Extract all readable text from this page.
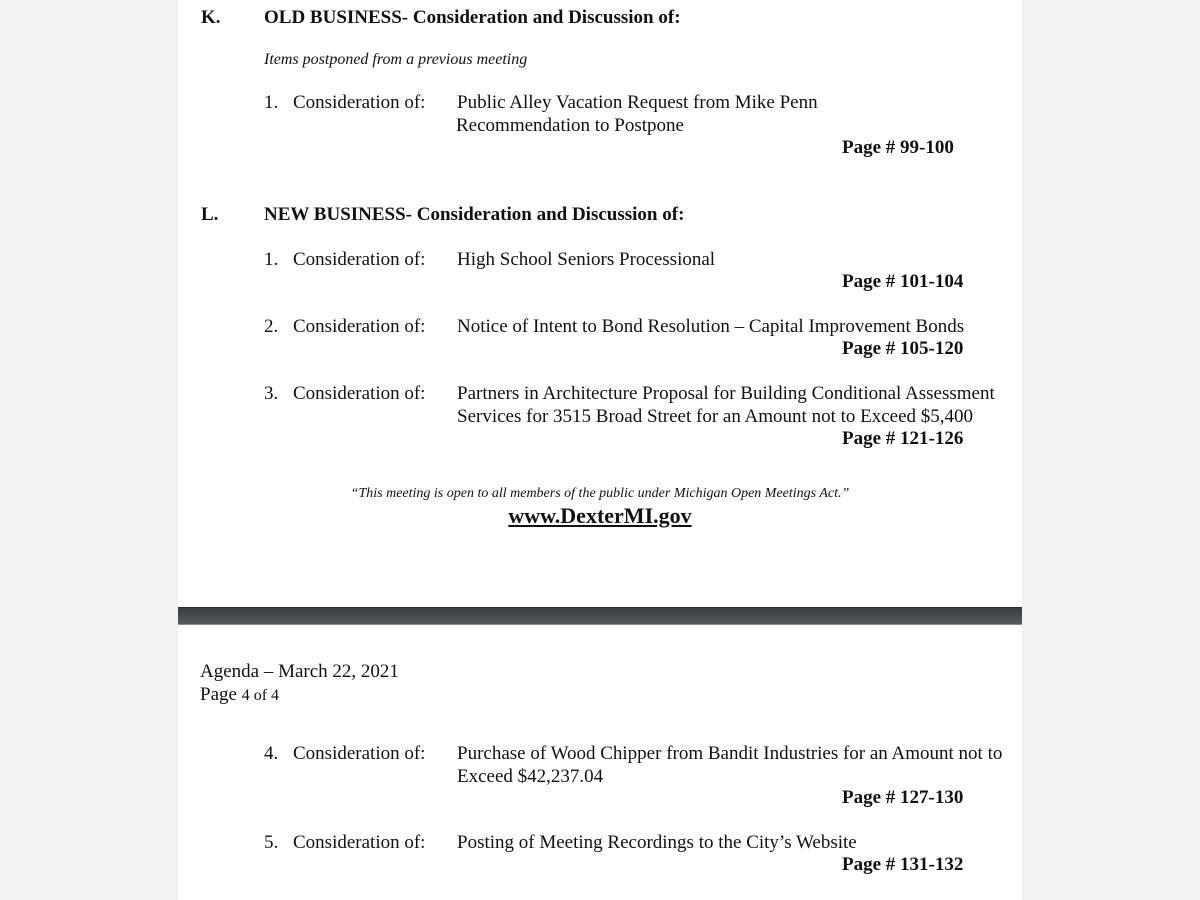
K. OLD BUSINESS- Consideration and Discussion of:
Items postponed from a previous meeting
1. Consideration of: Public Alley Vacation Request from Mike Penn
Recommendation to Postpone
Page # 99-100
L. NEW BUSINESS- Consideration and Discussion of:
1. Consideration of: High School Seniors Processional
Page # 101-104
2. Consideration of: Notice of Intent to Bond Resolution – Capital Improvement Bonds
Page # 105-120
3. Consideration of: Partners in Architecture Proposal for Building Conditional Assessment Services for 3515 Broad Street for an Amount not to Exceed $5,400
Page # 121-126
“This meeting is open to all members of the public under Michigan Open Meetings Act.”
www.DexterMI.gov
Agenda – March 22, 2021
Page 4 of 4
4. Consideration of: Purchase of Wood Chipper from Bandit Industries for an Amount not to Exceed $42,237.04
Page # 127-130
5. Consideration of: Posting of Meeting Recordings to the City’s Website
Page # 131-132
